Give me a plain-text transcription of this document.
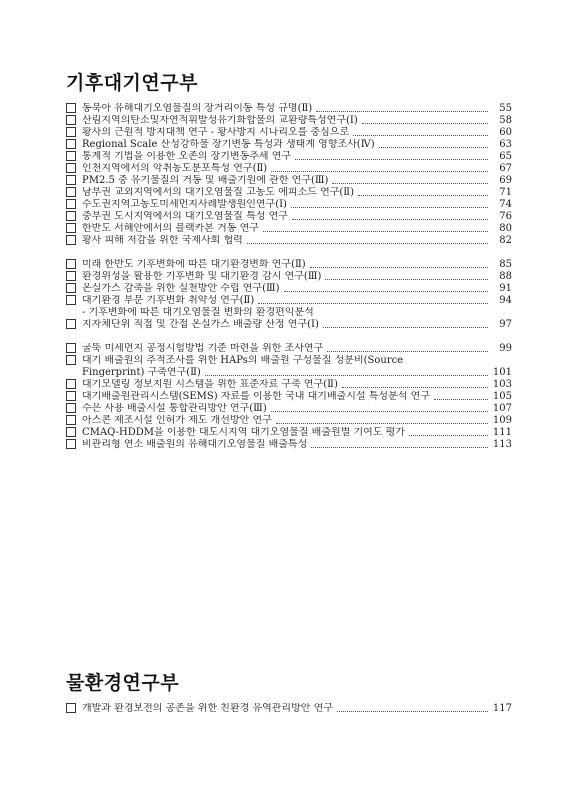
기후대기연구부
동북아 유해대기오염물질의 장거리이동 특성 규명(Ⅱ)	55
산림지역의탄소및자연적휘발성유기화합물의 교환량특성연구(Ⅰ)	58
황사의 근원적 방지대책 연구 - 황사방지 시나리오를 중심으로	60
Regional Scale 산성강하물 장기변동 특성과 생태계 영향조사(Ⅳ)	63
통계적 기법을 이용한 오존의 장기변동추세 연구	65
인천지역에서의 악취농도분포특성 연구(Ⅱ)	67
PM2.5 중 유기물질의 거동 및 배출기원에 관한 연구(Ⅲ)	69
남부권 교외지역에서의 대기오염물질 고농도 에피소드 연구(Ⅱ)	71
수도권지역고농도미세먼지사례발생원인연구(Ⅰ)	74
중부권 도시지역에서의 대기오염물질 특성 연구	76
한반도 서해안에서의 블랙카본 거동 연구	80
황사 피해 저감을 위한 국제사회 협력	82
미래 한반도 기후변화에 따른 대기환경변화 연구(Ⅱ)	85
환경위성을 활용한 기후변화 및 대기환경 감시 연구(Ⅲ)	88
온실가스 감축을 위한 실천방안 수립 연구(Ⅲ)	91
대기환경 부문 기후변화 취약성 연구(Ⅱ)	94
- 기후변화에 따른 대기오염물질 변화의 환경편익분석
지자체단위 직접 및 간접 온실가스 배출량 산정 연구(Ⅰ)	97
굴뚝 미세먼지 공정시험방법 기준 마련을 위한 조사연구	99
대기 배출원의 추적조사를 위한 HAPs의 배출원 구성물질 성분비(Source
Fingerprint) 구축연구(Ⅱ)	101
대기모델링 정보지원 시스템을 위한 표준자료 구축 연구(Ⅱ)	103
대기배출원관리시스템(SEMS) 자료를 이용한 국내 대기배출시설 특성분석 연구	105
수은 사용 배출시설 통합관리방안 연구(Ⅲ)	107
아스콘 제조시설 인허가 제도 개선방안 연구	109
CMAQ-HDDM을 이용한 대도시지역 대기오염물질 배출원별 기여도 평가	111
비관리형 연소 배출원의 유해대기오염물질 배출특성	113
물환경연구부
개발과 환경보전의 공존을 위한 친환경 유역관리방안 연구	117
